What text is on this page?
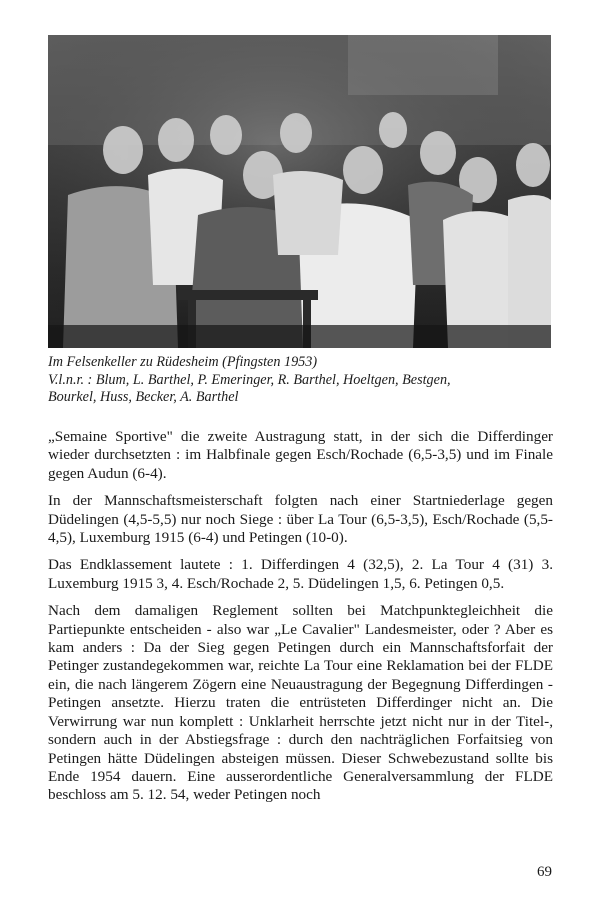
Im Felsenkeller zu Rüdesheim (Pfingsten 1953)
V.l.n.r. : Blum, L. Barthel, P. Emeringer, R. Barthel, Hoeltgen, Bestgen,
Bourkel, Huss, Becker, A. Barthel

„Semaine Sportive" die zweite Austragung statt, in der sich die Differdinger wieder durchsetzten : im Halbfinale gegen Esch/Rochade (6,5-3,5) und im Finale gegen Audun (6-4).

In der Mannschaftsmeisterschaft folgten nach einer Startniederlage gegen Düdelingen (4,5-5,5) nur noch Siege : über La Tour (6,5-3,5), Esch/Rochade (5,5-4,5), Luxemburg 1915 (6-4) und Petingen (10-0).

Das Endklassement lautete : 1. Differdingen 4 (32,5), 2. La Tour 4 (31) 3. Luxemburg 1915 3, 4. Esch/Rochade 2, 5. Düdelingen 1,5, 6. Petingen 0,5.

Nach dem damaligen Reglement sollten bei Matchpunktegleichheit die Partiepunkte entscheiden - also war „Le Cavalier" Landesmeister, oder ? Aber es kam anders : Da der Sieg gegen Petingen durch ein Mannschaftsforfait der Petinger zustandegekommen war, reichte La Tour eine Reklamation bei der FLDE ein, die nach längerem Zögern eine Neuaustragung der Begegnung Differdingen - Petingen ansetzte. Hierzu traten die entrüsteten Differdinger nicht an. Die Verwirrung war nun komplett : Unklarheit herrschte jetzt nicht nur in der Titel-, sondern auch in der Abstiegsfrage : durch den nachträglichen Forfaitsieg von Petingen hätte Düdelingen absteigen müssen. Dieser Schwebezustand sollte bis Ende 1954 dauern. Eine ausserordentliche Generalversammlung der FLDE beschloss am 5. 12. 54, weder Petingen noch

69
